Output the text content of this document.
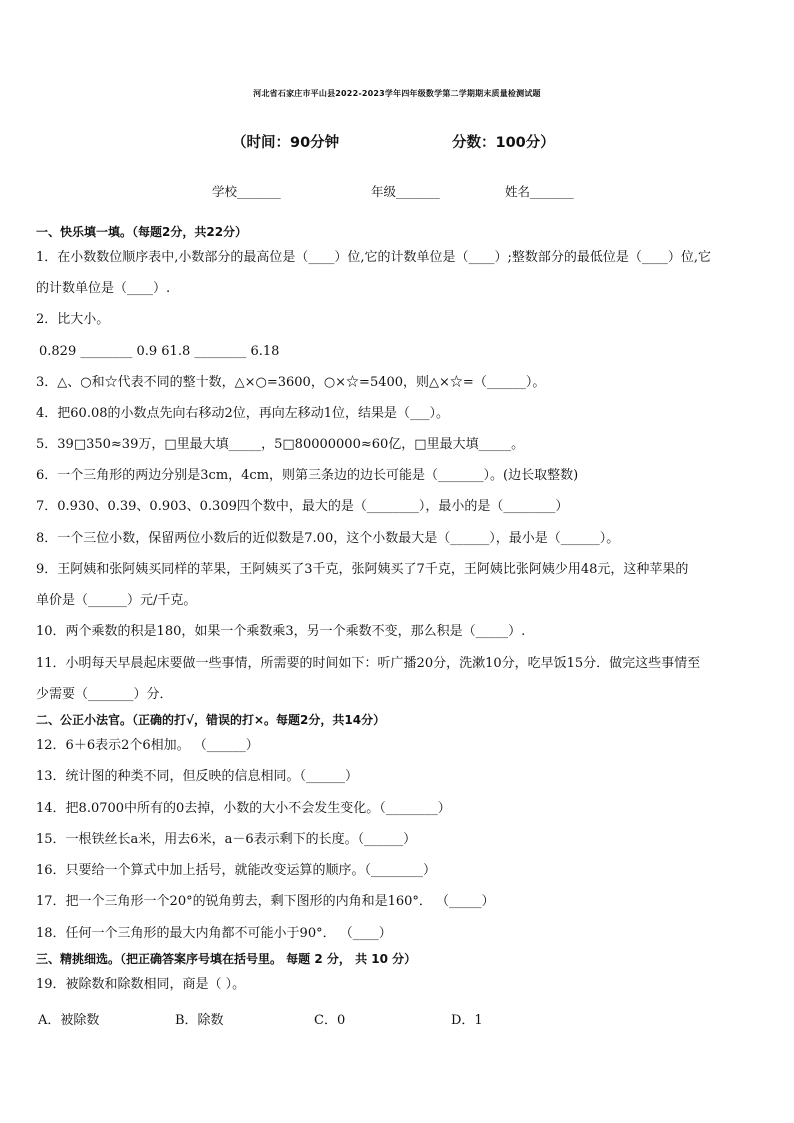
河北省石家庄市平山县2022-2023学年四年级数学第二学期期末质量检测试题
（时间：90分钟	分数：100分）
学校_______	年级_______	姓名_______
一、快乐填一填。（每题2分，共22分）
1．在小数数位顺序表中,小数部分的最高位是（____）位,它的计数单位是（____）;整数部分的最低位是（____）位,它
的计数单位是（____）.
2．比大小。
0.829 ________ 0.9 61.8 ________ 6.18
3．△、○和☆代表不同的整十数，△×○=3600，○×☆=5400，则△×☆=（______）。
4．把60.08的小数点先向右移动2位，再向左移动1位，结果是（___）。
5．39□350≈39万，□里最大填_____，5□80000000≈60亿，□里最大填_____。
6．一个三角形的两边分别是3cm，4cm，则第三条边的边长可能是（_______）。(边长取整数)
7．0.930、0.39、0.903、0.309四个数中，最大的是（________），最小的是（________）
8．一个三位小数，保留两位小数后的近似数是7.00，这个小数最大是（______），最小是（______）。
9．王阿姨和张阿姨买同样的苹果，王阿姨买了3千克，张阿姨买了7千克，王阿姨比张阿姨少用48元，这种苹果的
单价是（______）元/千克。
10．两个乘数的积是180，如果一个乘数乘3，另一个乘数不变，那么积是（_____）.
11．小明每天早晨起床要做一些事情，所需要的时间如下：听广播20分，洗漱10分，吃早饭15分．做完这些事情至
少需要（_______）分．
二、公正小法官。（正确的打√，错误的打×。每题2分，共14分）
12．6＋6表示2个6相加。 （______）
13．统计图的种类不同，但反映的信息相同。（______）
14．把8.0700中所有的0去掉，小数的大小不会发生变化。（________）
15．一根铁丝长a米，用去6米，a－6表示剩下的长度。（______）
16．只要给一个算式中加上括号，就能改变运算的顺序。（________）
17．把一个三角形一个20°的锐角剪去，剩下图形的内角和是160°． （_____）
18．任何一个三角形的最大内角都不可能小于90°． （____）
三、精挑细选。（把正确答案序号填在括号里。 每题 2 分， 共 10 分）
19．被除数和除数相同，商是（ ）。
A．被除数	B．除数	C．0	D．1
